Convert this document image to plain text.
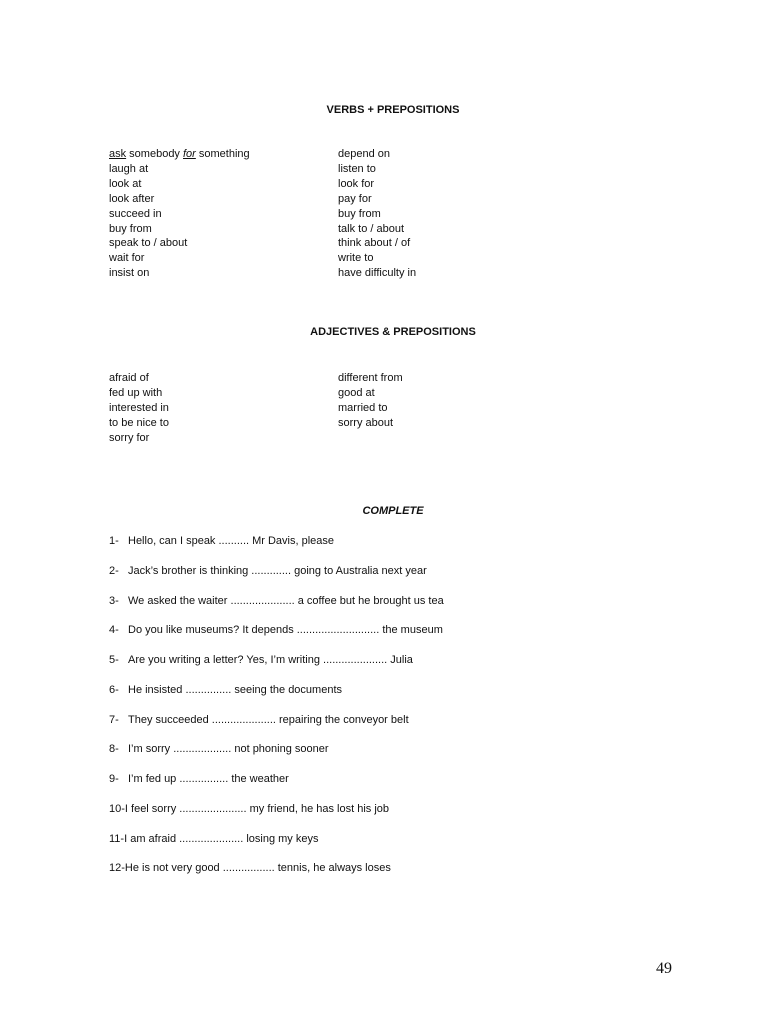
VERBS + PREPOSITIONS
ask somebody for something
laugh at
look at
look after
succeed in
buy from
speak to / about
wait for
insist on
depend on
listen to
look for
pay for
buy from
talk to / about
think about / of
write to
have difficulty in
ADJECTIVES & PREPOSITIONS
afraid of
fed up with
interested in
to be nice to
sorry for
different from
good at
married to
sorry about
COMPLETE
1- Hello, can I speak .......... Mr Davis, please
2- Jack’s brother is thinking ............. going to Australia next year
3- We asked the waiter ..................... a coffee but he brought us tea
4- Do you like museums? It depends ........................... the museum
5- Are you writing a letter? Yes, I’m writing ..................... Julia
6- He insisted ............... seeing the documents
7- They succeeded ..................... repairing the conveyor belt
8- I’m sorry ................... not phoning sooner
9- I’m fed up ................ the weather
10-I feel sorry ...................... my friend, he has lost his job
11-I am afraid ..................... losing my keys
12-He is not very good ................. tennis, he always loses
49
